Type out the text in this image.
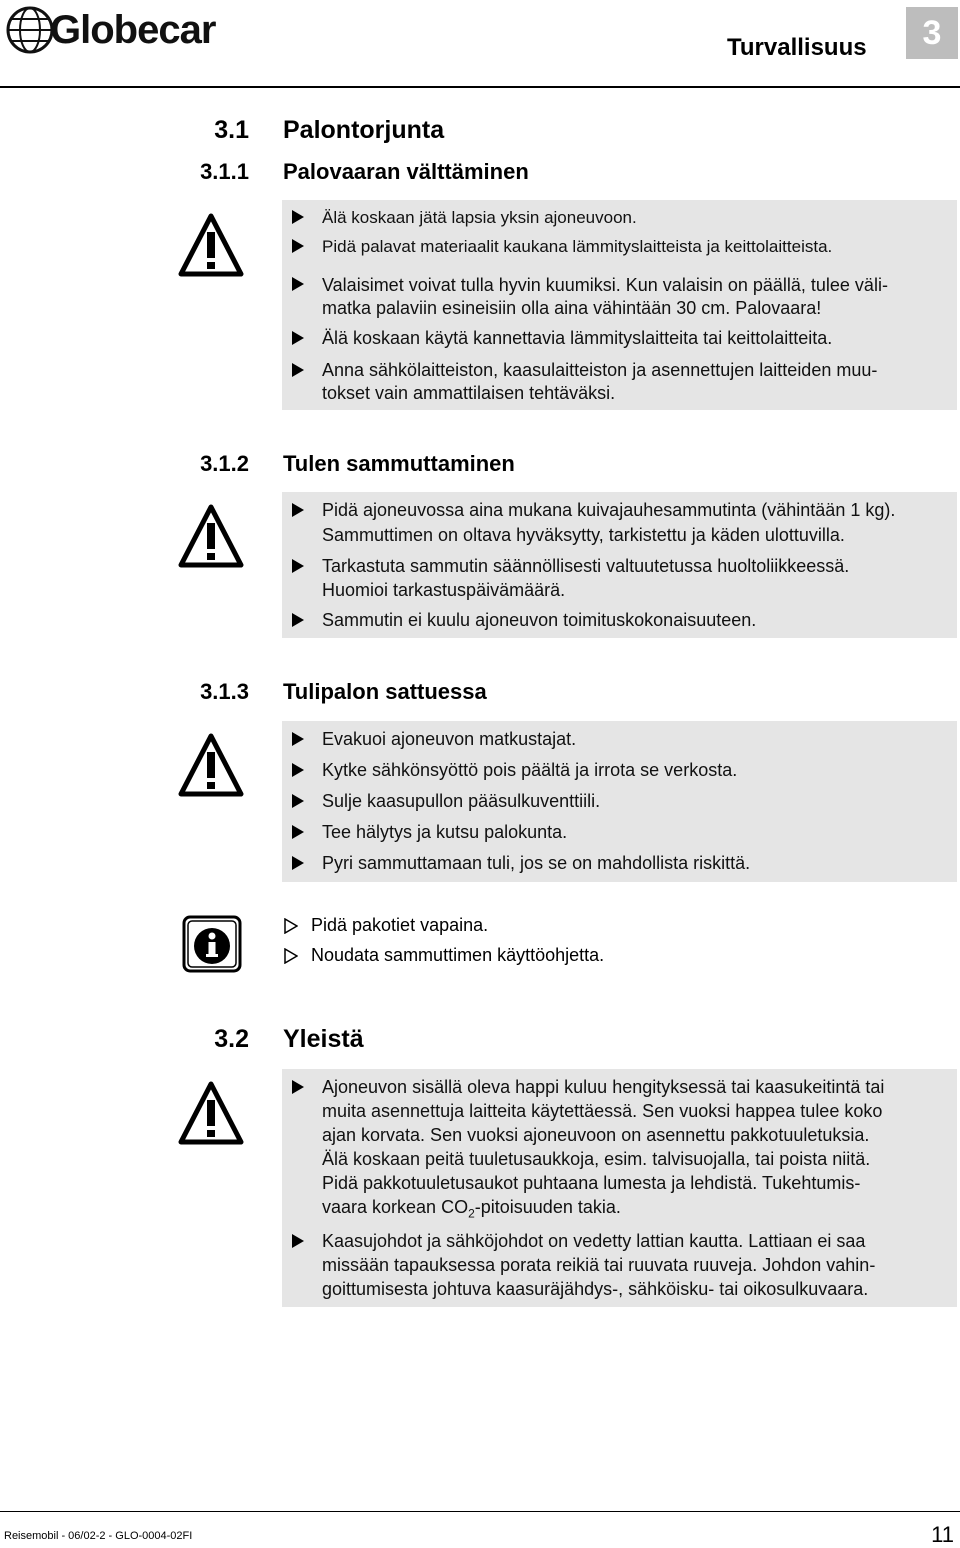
Globecar	Turvallisuus	3
3.1 Palontorjunta
3.1.1 Palovaaran välttäminen
Älä koskaan jätä lapsia yksin ajoneuvoon.
Pidä palavat materiaalit kaukana lämmityslaitteista ja keittolaitteista.
Valaisimet voivat tulla hyvin kuumiksi. Kun valaisin on päällä, tulee väli-
matka palaviin esineisiin olla aina vähintään 30 cm. Palovaara!
Älä koskaan käytä kannettavia lämmityslaitteita tai keittolaitteita.
Anna sähkölaitteiston, kaasulaitteiston ja asennettujen laitteiden muu-
tokset vain ammattilaisen tehtäväksi.
3.1.2 Tulen sammuttaminen
Pidä ajoneuvossa aina mukana kuivajauhesammutinta (vähintään 1 kg).
Sammuttimen on oltava hyväksytty, tarkistettu ja käden ulottuvilla.
Tarkastuta sammutin säännöllisesti valtuutetussa huoltoliikkeessä.
Huomioi tarkastuspäivämäärä.
Sammutin ei kuulu ajoneuvon toimituskokonaisuuteen.
3.1.3 Tulipalon sattuessa
Evakuoi ajoneuvon matkustajat.
Kytke sähkönsyöttö pois päältä ja irrota se verkosta.
Sulje kaasupullon pääsulkuventtiili.
Tee hälytys ja kutsu palokunta.
Pyri sammuttamaan tuli, jos se on mahdollista riskittä.
Pidä pakotiet vapaina.
Noudata sammuttimen käyttöohjetta.
3.2 Yleistä
Ajoneuvon sisällä oleva happi kuluu hengityksessä tai kaasukeitintä tai
muita asennettuja laitteita käytettäessä. Sen vuoksi happea tulee koko
ajan korvata. Sen vuoksi ajoneuvoon on asennettu pakkotuuletuksia.
Älä koskaan peitä tuuletusaukkoja, esim. talvisuojalla, tai poista niitä.
Pidä pakkotuuletusaukot puhtaana lumesta ja lehdistä. Tukehtumis-
vaara korkean $CO_2$-pitoisuuden takia.
Kaasujohdot ja sähköjohdot on vedetty lattian kautta. Lattiaan ei saa
missään tapauksessa porata reikiä tai ruuvata ruuveja. Johdon vahin-
goittumisesta johtuva kaasuräjähdys-, sähköisku- tai oikosulkuvaara.
Reisemobil - 06/02-2 - GLO-0004-02FI	11
